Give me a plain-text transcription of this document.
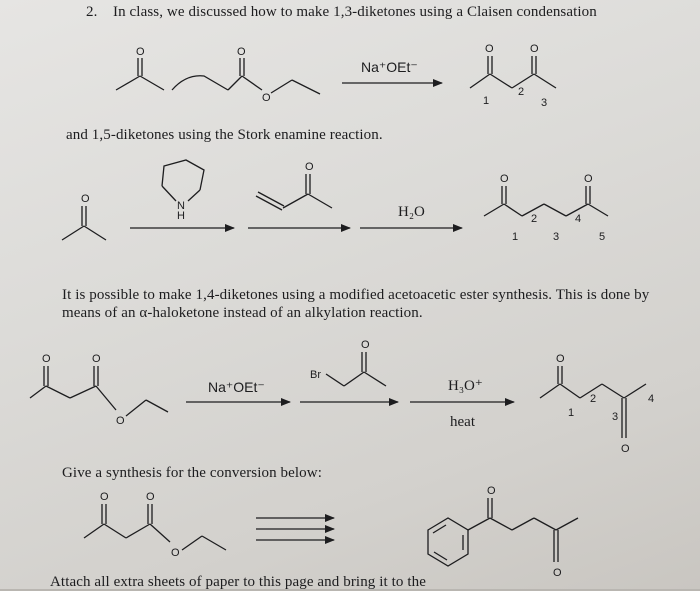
2. In class, we discussed how to make 1,3-diketones using a Claisen condensation
and 1,5-diketones using the Stork enamine reaction.
It is possible to make 1,4-diketones using a modified acetoacetic ester synthesis. This is done by means of an α-haloketone instead of an alkylation reaction.
Give a synthesis for the conversion below:
Attach all extra sheets of paper to this page and bring it to the
O	O
O
Na⁺OEt⁻
O	O
1
2
3
O
N
H
O
H₂O
O	O
1
2
3
4
5
O	O
O
Na⁺OEt⁻
Br
O
H₃O⁺
heat
O
O
1
2
3
4
O	O
O
O
O
